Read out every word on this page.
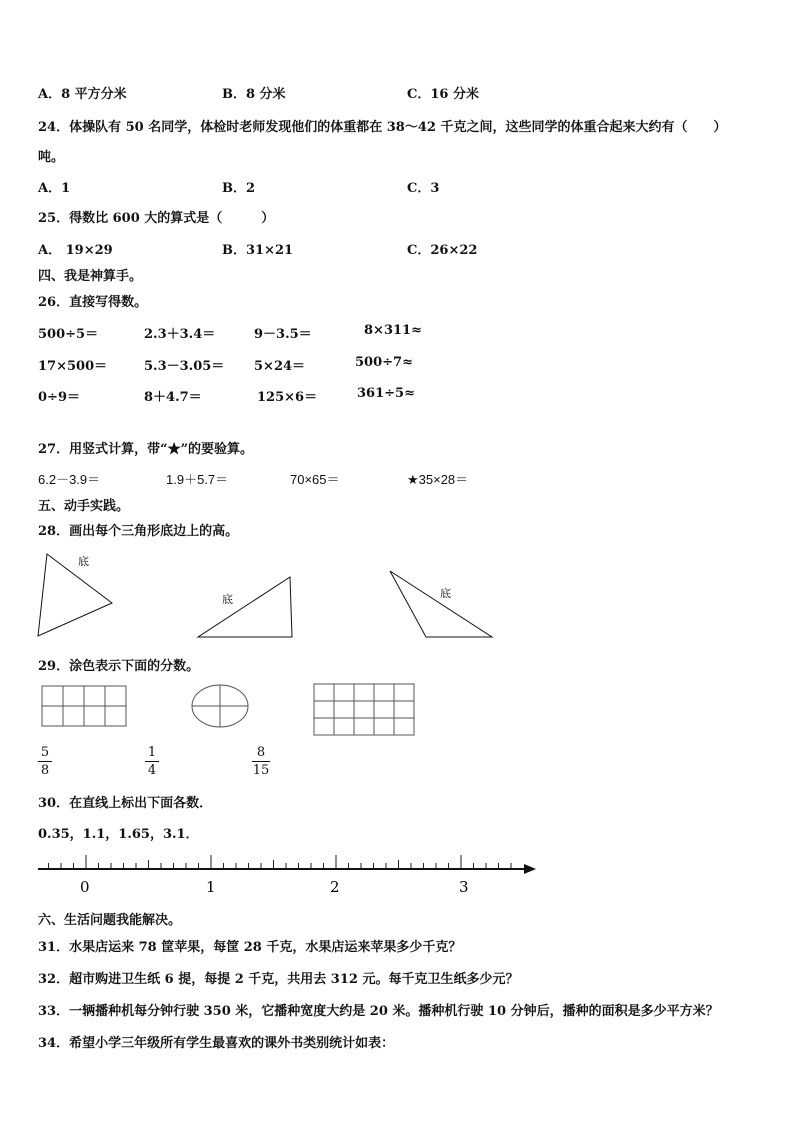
A．8 平方分米	B．8 分米	C．16 分米
24．体操队有 50 名同学，体检时老师发现他们的体重都在 38～42 千克之间，这些同学的体重合起来大约有（　　）
吨。
A．1	B．2	C．3
25．得数比 600 大的算式是（　　　）
A． 19×29	B．31×21	C．26×22
四、我是神算手。
26．直接写得数。
500÷5＝	2.3＋3.4＝	9－3.5＝	8×311≈
17×500＝	5.3－3.05＝ 5×24＝	500÷7≈
0÷9＝	8＋4.7＝	125×6＝	361÷5≈
27．用竖式计算，带“★”的要验算。
6.2－3.9＝	1.9＋5.7＝	70×65＝	★35×28＝
五、动手实践。
28．画出每个三角形底边上的高。
底
底	底
29．涂色表示下面的分数。
5
8
1
4
8
15
30．在直线上标出下面各数．
0.35，1.1，1.65，3.1．
0	1	2	3
六、生活问题我能解决。
31．水果店运来 78 筐苹果，每筐 28 千克，水果店运来苹果多少千克？
32．超市购进卫生纸 6 提，每提 2 千克，共用去 312 元。每千克卫生纸多少元？
33．一辆播种机每分钟行驶 350 米，它播种宽度大约是 20 米。播种机行驶 10 分钟后，播种的面积是多少平方米？
34．希望小学三年级所有学生最喜欢的课外书类别统计如表：
